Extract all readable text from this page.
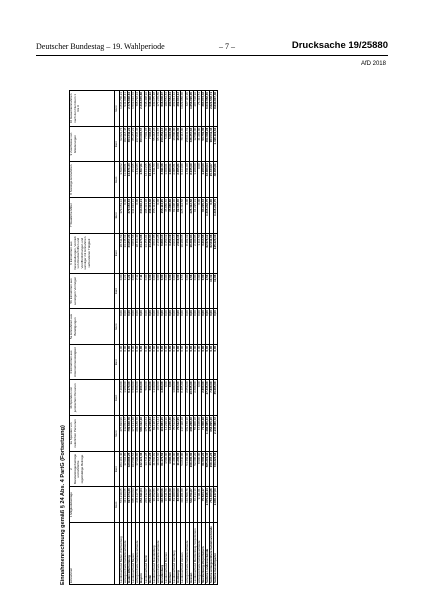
Deutscher Bundestag – 19. Wahlperiode	– 7 –	Drucksache 19/25880
AfD 2018
Einnahmenrechnung gemäß § 24 Abs. 4 PartG (Fortsetzung) Einnahmen	1 Mitgliedsbeiträge	2 Mandatsträgerbeiträge und ähnliche regelmäßige Beiträge	3a Spenden von natürlichen Personen	3b Spenden von juristischen Personen	4 Einnahmen aus Unternehmenstätigkeit	5a Einnahmen aus Beteiligungen	5b Einnahmen aus sonstigem Vermögen	6 Einnahmen aus Veranstaltungen, Vertrieb von Druckschriften und Veröffentlichungen und sonstiger mit Einnahmen verbundener Tätigkeit	7 Staatliche Mittel	8 Sonstige Einnahmen	9 Zuschüsse von Gliederungen	10 Gesamteinnahmen nach den Nummern 1 bis 9
	Euro	Euro	Euro	Euro	Euro	Euro	Euro	Euro	Euro	Euro	Euro	Euro
Landesverband Baden-Württemberg	574.210,65	283.193,40	476.826,99	7.190,00	0,00	0,00	0,00	20.511,59	379.153,34	3.590,52	92.023,74	1.836.700,23
untergeordnete Gebietsverbände	343.163,65	37.504,85	232.811,77	1.980,00	0,00	0,00	3,21	13.145,64	0,00	11.080,81	302.318,48	941.908,41
Baden-Württemberg	917.374,30	320.698,25	709.638,76	9.170,00	0,00	0,00	3,21	33.657,23	379.153,34	14.671,33	394.342,22	2.778.608,64
Landesverband Bayern	605.493,93	104.500,56	377.131,48	6.500,00	0,00	0,00	0,00	6.061,58	334.916,21	154,95	85.257,21	1.519.916,72
untergeordnete Gebietsverbände	247.117,71	37.620,80	203.180,70	3.400,00	0,00	0,00	7,11	38.113,40	0,00	1.442,86	267.836,36	798.718,94
Bayern	852.611,64	142.121,36	580.312,18	9.900,00	0,00	0,00	7,11	44.174,98	334.916,21	1.597,81	353.093,57	2.318.635,66
Landesverband Berlin	203.432,97	13.744,28	175.226,63	500,00	0,00	0,00	0,00	13.456,04	108.431,38	16.114,55	7.503,07	538.408,92
Berlin	203.432,97	13.744,28	175.226,63	500,00	0,00	0,00	0,00	13.456,04	108.431,38	16.114,55	7.503,07	538.408,92
Landesverband Brandenburg	96.152,86	41.560,99	82.138,71	1.160,00	0,00	0,00	0,00	4.517,85	155.114,95	3.811,56	55.218,26	439.675,18
untergeordnete Gebietsverbände	22.407,70	19.618,60	37.744,44	200,00	0,00	0,00	0,00	2.166,28	0,00	0,00	95.133,87	177.270,89
Brandenburg	118.560,56	61.179,59	119.883,15	1.360,00	0,00	0,00	0,00	6.684,13	155.114,95	3.811,56	150.352,13	616.946,07
Landesverband Bremen	36.641,59	4.580,00	14.230,39	0,00	0,00	0,00	0,00	3.150,19	35.880,66	1.060,01	5.010,00	100.552,84
Bremen	36.641,59	4.580,00	14.230,39	0,00	0,00	0,00	0,00	3.150,19	35.880,66	1.060,01	5.010,00	100.552,84
Landesverband Hamburg	83.300,90	11.200,00	70.512,95	1.000,00	0,00	0,00	0,00	2.916,16	82.108,30	2.005,81	16.800,00	269.844,12
Hamburg	83.300,90	11.200,00	70.512,95	1.000,00	0,00	0,00	0,00	2.916,16	82.108,30	2.005,81	16.800,00	269.844,12
Landesverband Hessen	410.201,08	53.840,00	237.118,10	8.485,00	0,00	0,00	2,56	10.380,65	225.412,58	6.124,09	78.316,00	1.029.880,06
untergeordnete Gebietsverbände	132.500,79	54.460,00	169.150,38	2.050,00	0,00	0,00	0,00	8.102,19	0,00	2.811,00	258.041,63	627.115,99
Hessen	542.701,87	108.300,00	406.268,48	10.535,00	0,00	0,00	2,56	18.482,84	225.412,58	8.935,09	336.357,63	1.656.996,05
Landesverband Mecklenburg-Vorpommern	66.413,16	52.600,20	55.900,18	2.600,00	0,00	0,00	0,00	2.100,05	94.225,33	1.200,00	12.500,00	287.538,92
untergeordnete Gebietsverbände	9.111,01	8.900,00	16.108,00	0,00	0,00	0,00	0,00	1.114,50	0,00	0,00	41.201,00	76.434,51
Mecklenburg-Vorpommern	75.524,17	61.500,20	72.008,18	2.600,00	0,00	0,00	0,00	3.214,55	94.225,33	1.200,00	53.701,00	363.973,43
Summe Landesverbände	2.075.846,14	565.219,43	1.488.085,43	27.435,00	0,00	0,00	2,56	62.578,12	1.415.242,75	33.060,94	351.588,28	6.019.058,65
Summe untergeordnete Gebietsverbände	754.300,86	158.104,25	658.995,29	7.630,00	0,00	0,00	10,32	62.641,98	0,00	15.334,67	964.531,34	2.621.548,71
Summe Gesamtpartei	2.830.147,00	723.323,68	2.147.080,72	35.065,00	0,00	0,00	12,88	125.220,10	1.415.242,75	48.395,61	1.316.119,62	8.640.607,36
